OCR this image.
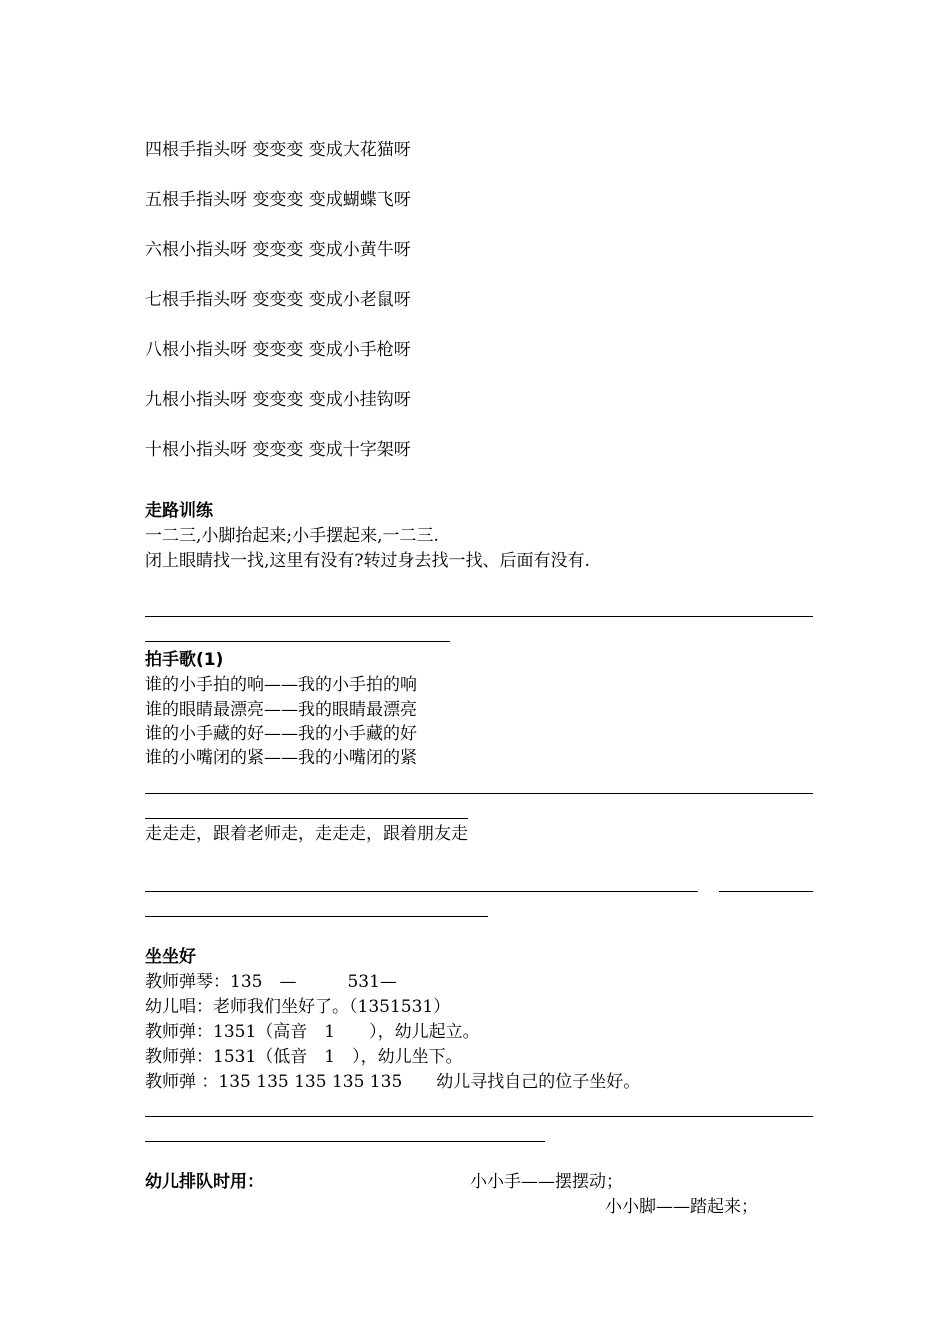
四根手指头呀 变变变 变成大花猫呀
五根手指头呀 变变变 变成蝴蝶飞呀
六根小指头呀 变变变 变成小黄牛呀
七根手指头呀 变变变 变成小老鼠呀
八根小指头呀 变变变 变成小手枪呀
九根小指头呀 变变变 变成小挂钩呀
十根小指头呀 变变变 变成十字架呀
走路训练
一二三,小脚抬起来;小手摆起来,一二三.
闭上眼睛找一找,这里有没有?转过身去找一找、后面有没有.
拍手歌(1)
谁的小手拍的响——我的小手拍的响
谁的眼睛最漂亮——我的眼睛最漂亮
谁的小手藏的好——我的小手藏的好
谁的小嘴闭的紧——我的小嘴闭的紧
走走走，跟着老师走，走走走，跟着朋友走
坐坐好
教师弹琴：135　—　　　531—
幼儿唱：老师我们坐好了。（1351531）
教师弹：1351（高音　1　　），幼儿起立。
教师弹：1531（低音　1　），幼儿坐下。
教师弹 ：135 135 135 135 135　　幼儿寻找自己的位子坐好。
幼儿排队时用：	小小手——摆摆动；
小小脚——踏起来；
